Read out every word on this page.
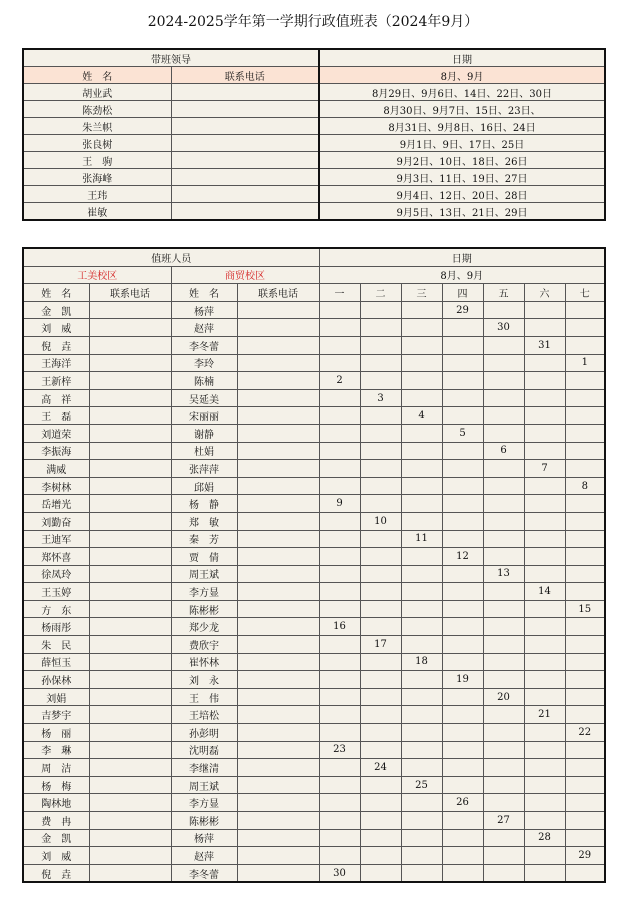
2024-2025学年第一学期行政值班表（2024年9月）
带班领导		日期
姓　名	联系电话	8月、9月
胡业武		8月29日、9月6日、14日、22日、30日
陈劲松		8月30日、9月7日、15日、23日、
朱兰帜		8月31日、9月8日、16日、24日
张良树		9月1日、9日、17日、25日
王　驹		9月2日、10日、18日、26日
张海峰		9月3日、11日、19日、27日
王玮		9月4日、12日、20日、28日
崔敏		9月5日、13日、21日、29日
值班人员				日期						
工美校区		商贸校区		8月、9月						
姓　名	联系电话	姓　名	联系电话	一	二	三	四	五	六	七
金　凯		杨萍					29			
刘　威		赵萍						30		
倪　垚		李冬蕾							31	
王海洋		李玲								1
王新梓		陈楠		2						
高　祥		吴延美			3					
王　磊		宋丽丽				4				
刘道荣		谢静					5			
李振海		杜娟						6		
满威		张萍萍							7	
李树林		邱娟								8
岳增光		杨　静		9						
刘勤奋		郑　敏			10					
王迪军		秦　芳				11				
郑怀喜		贾　倩					12			
徐凤玲		周王斌						13		
王玉婷		李方显							14	
方　东		陈彬彬								15
杨雨彤		郑少龙		16						
朱　民		费欣宇			17					
薛恒玉		崔怀林				18				
孙保林		刘　永					19			
刘娟		王　伟						20		
吉梦宇		王培松							21	
杨　丽		孙彭明								22
李　琳		沈明磊		23						
周　洁		李继清			24					
杨　梅		周王斌				25				
陶林地		李方显					26			
费　冉		陈彬彬						27		
金　凯		杨萍							28	
刘　威		赵萍								29
倪　垚		李冬蕾		30						
